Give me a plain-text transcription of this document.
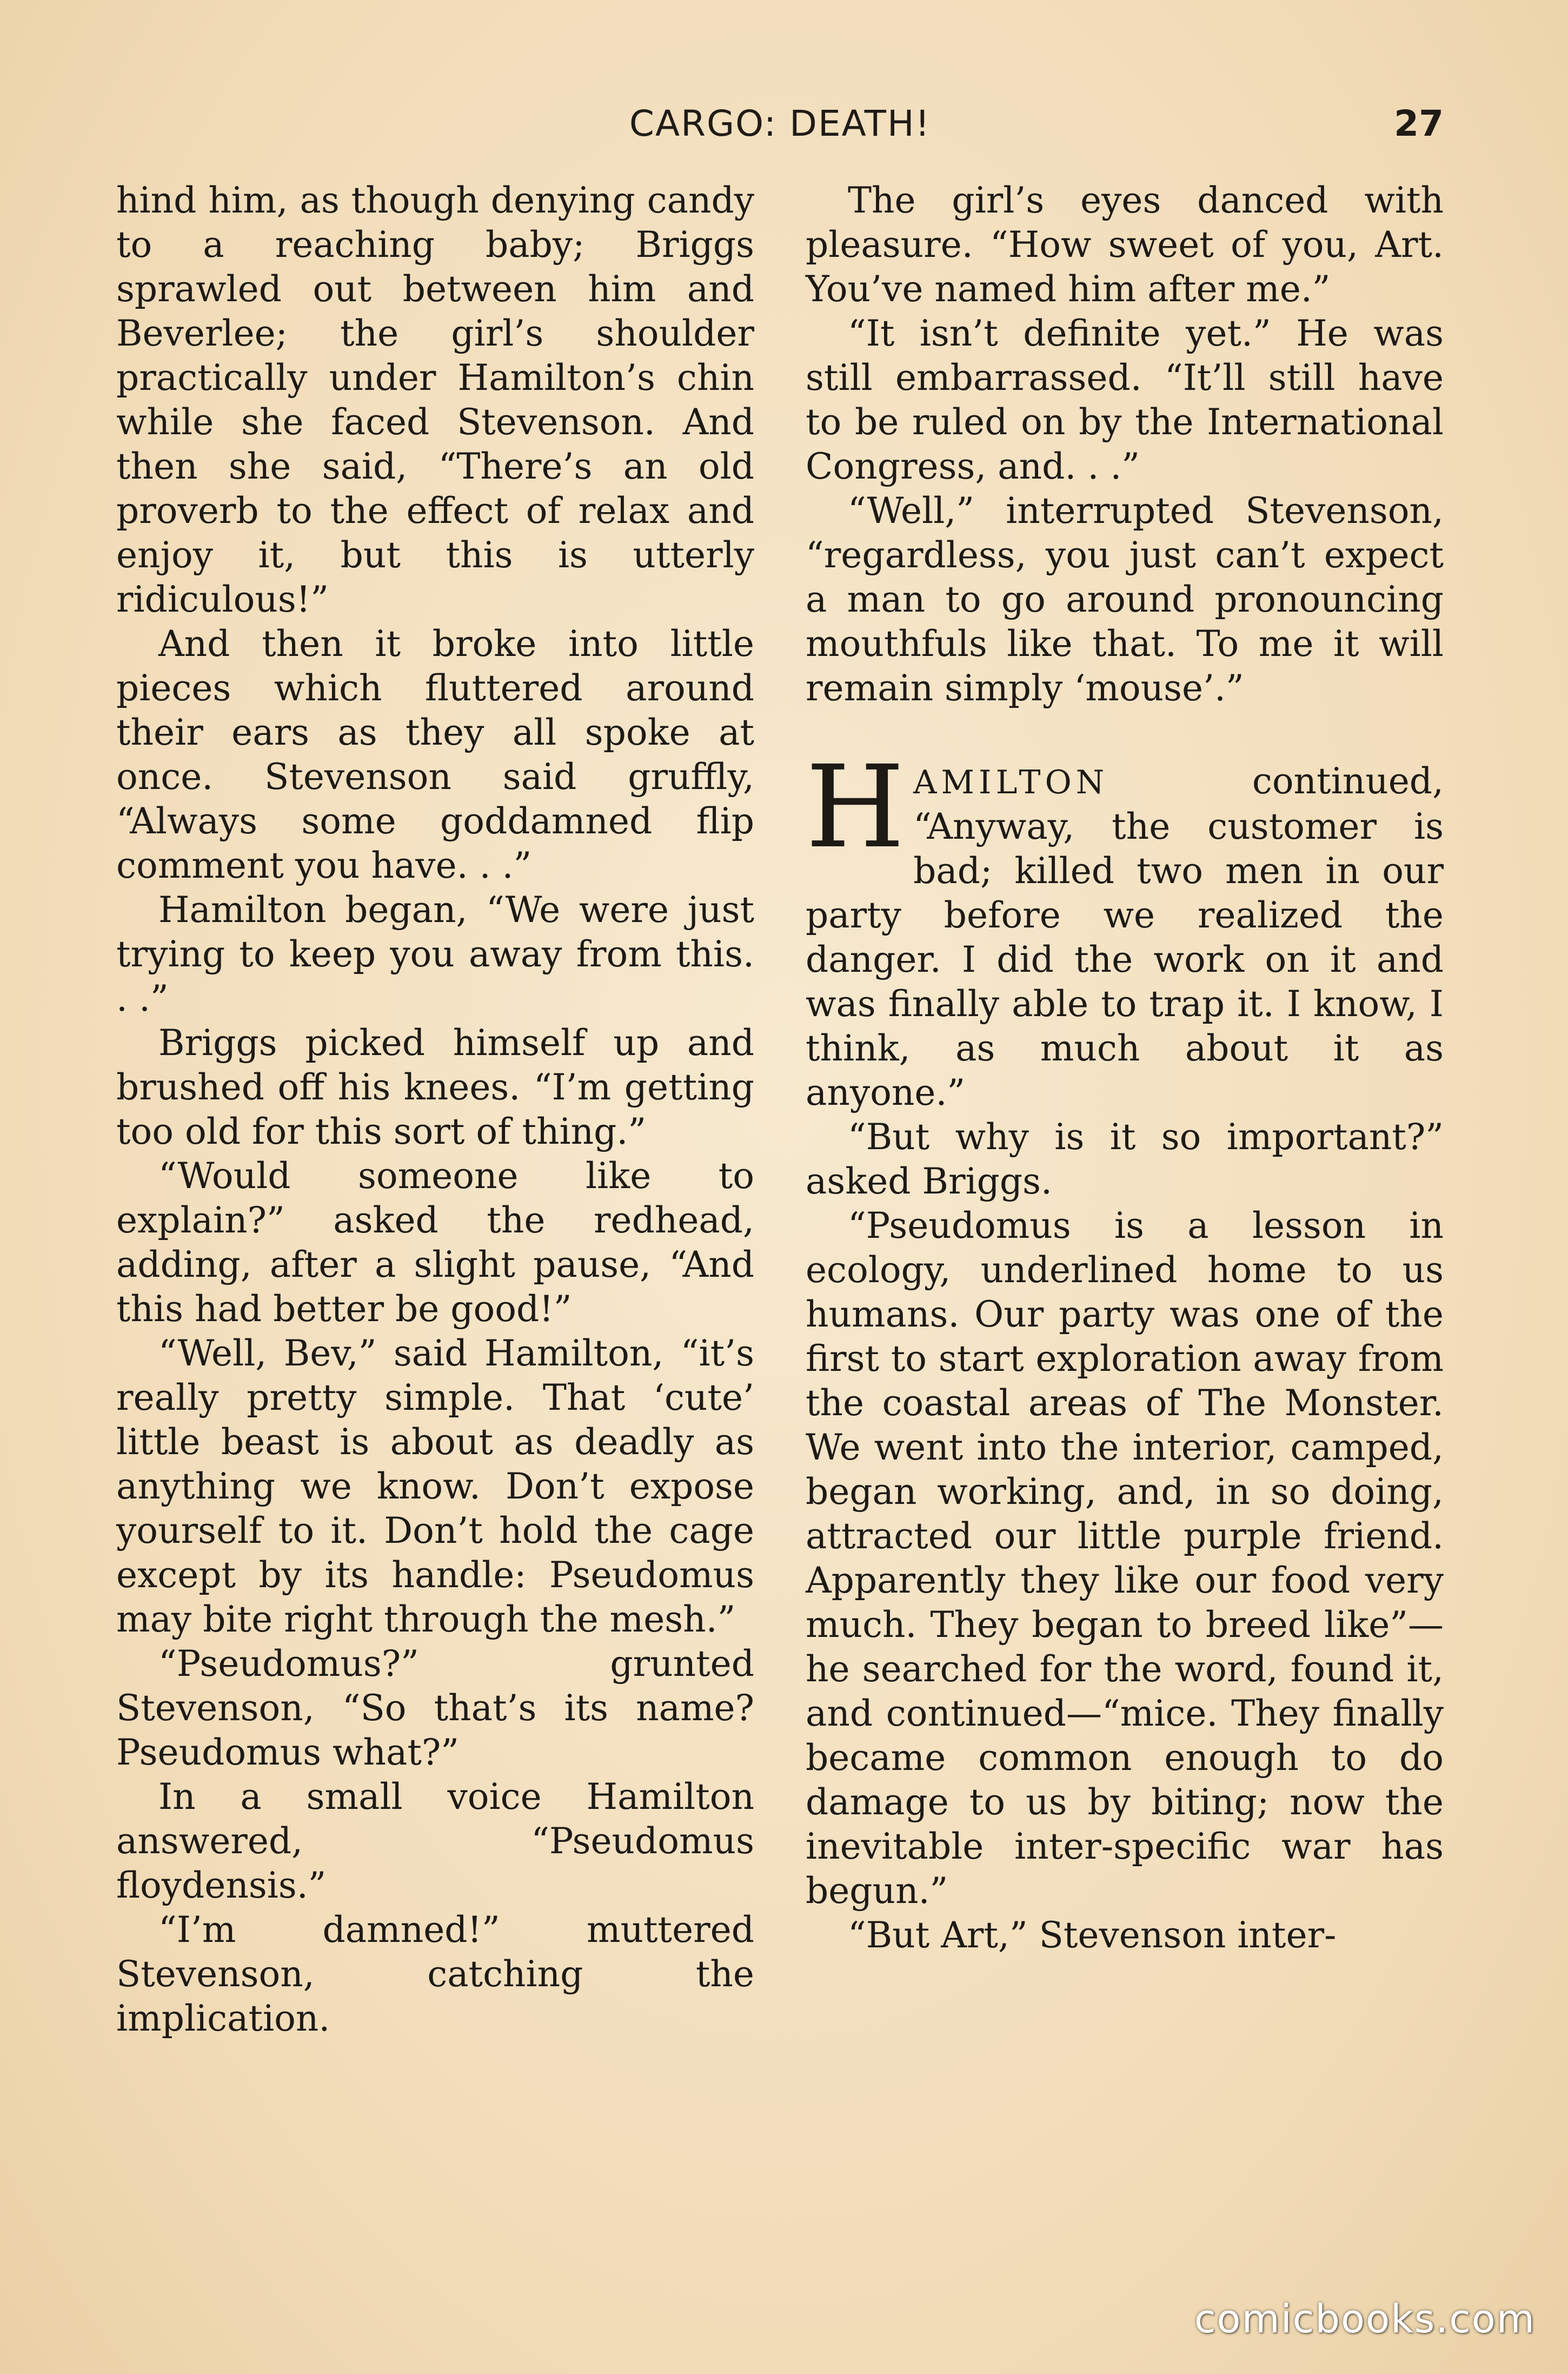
CARGO: DEATH!	27

hind him, as though denying candy to a reaching baby; Briggs sprawled out between him and Beverlee; the girl’s shoulder practically under Hamilton’s chin while she faced Stevenson. And then she said, “There’s an old proverb to the effect of relax and enjoy it, but this is utterly ridiculous!”

And then it broke into little pieces which fluttered around their ears as they all spoke at once. Stevenson said gruffly, “Always some goddamned flip comment you have. . .”

Hamilton began, “We were just trying to keep you away from this. . .”

Briggs picked himself up and brushed off his knees. “I’m getting too old for this sort of thing.”

“Would someone like to explain?” asked the redhead, adding, after a slight pause, “And this had better be good!”

“Well, Bev,” said Hamilton, “it’s really pretty simple. That ‘cute’ little beast is about as deadly as anything we know. Don’t expose yourself to it. Don’t hold the cage except by its handle: Pseudomus may bite right through the mesh.”

“Pseudomus?” grunted Stevenson, “So that’s its name? Pseudomus what?”

In a small voice Hamilton answered, “Pseudomus floydensis.”

“I’m damned!” muttered Stevenson, catching the implication.

The girl’s eyes danced with pleasure. “How sweet of you, Art. You’ve named him after me.”

“It isn’t definite yet.” He was still embarrassed. “It’ll still have to be ruled on by the International Congress, and. . .”

“Well,” interrupted Stevenson, “regardless, you just can’t expect a man to go around pronouncing mouthfuls like that. To me it will remain simply ‘mouse’.”

HAMILTON continued, “Anyway, the customer is bad; killed two men in our party before we realized the danger. I did the work on it and was finally able to trap it. I know, I think, as much about it as anyone.”

“But why is it so important?” asked Briggs.

“Pseudomus is a lesson in ecology, underlined home to us humans. Our party was one of the first to start exploration away from the coastal areas of The Monster. We went into the interior, camped, began working, and, in so doing, attracted our little purple friend. Apparently they like our food very much. They began to breed like”—he searched for the word, found it, and continued—“mice. They finally became common enough to do damage to us by biting; now the inevitable inter-specific war has begun.”

“But Art,” Stevenson inter-

comicbooks.com
